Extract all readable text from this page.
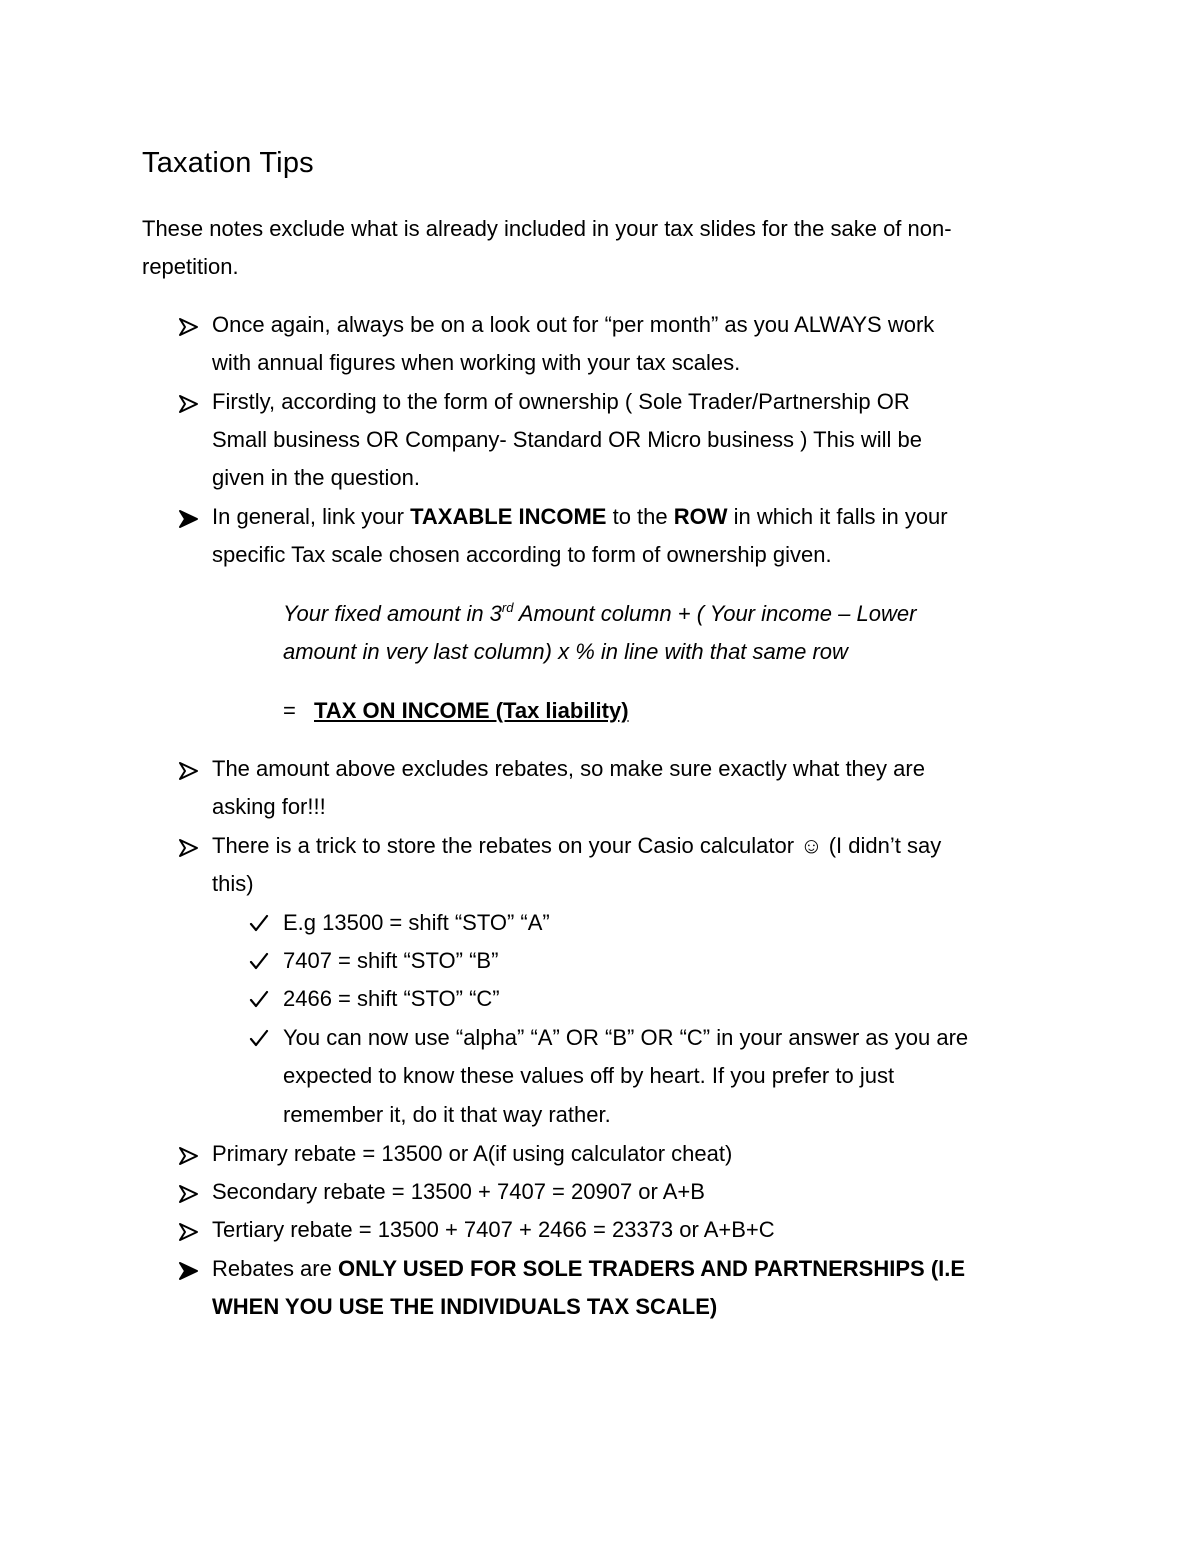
Taxation Tips
These notes exclude what is already included in your tax slides for the sake of non-
repetition.
Once again, always be on a look out for “per month” as you ALWAYS work
with annual figures when working with your tax scales.
Firstly, according to the form of ownership ( Sole Trader/Partnership OR
Small business OR Company- Standard OR Micro business ) This will be
given in the question.
In general, link your TAXABLE INCOME to the ROW in which it falls in your
specific Tax scale chosen according to form of ownership given.
Your fixed amount in 3rd Amount column + ( Your income – Lower
amount in very last column) x % in line with that same row
= TAX ON INCOME (Tax liability)
The amount above excludes rebates, so make sure exactly what they are
asking for!!!
There is a trick to store the rebates on your Casio calculator ☺ (I didn’t say
this)
E.g 13500 = shift “STO” “A”
7407 = shift “STO” “B”
2466 = shift “STO” “C”
You can now use “alpha” “A” OR “B” OR “C” in your answer as you are
expected to know these values off by heart. If you prefer to just
remember it, do it that way rather.
Primary rebate = 13500 or A(if using calculator cheat)
Secondary rebate = 13500 + 7407 = 20907 or A+B
Tertiary rebate = 13500 + 7407 + 2466 = 23373 or A+B+C
Rebates are ONLY USED FOR SOLE TRADERS AND PARTNERSHIPS (I.E
WHEN YOU USE THE INDIVIDUALS TAX SCALE)
